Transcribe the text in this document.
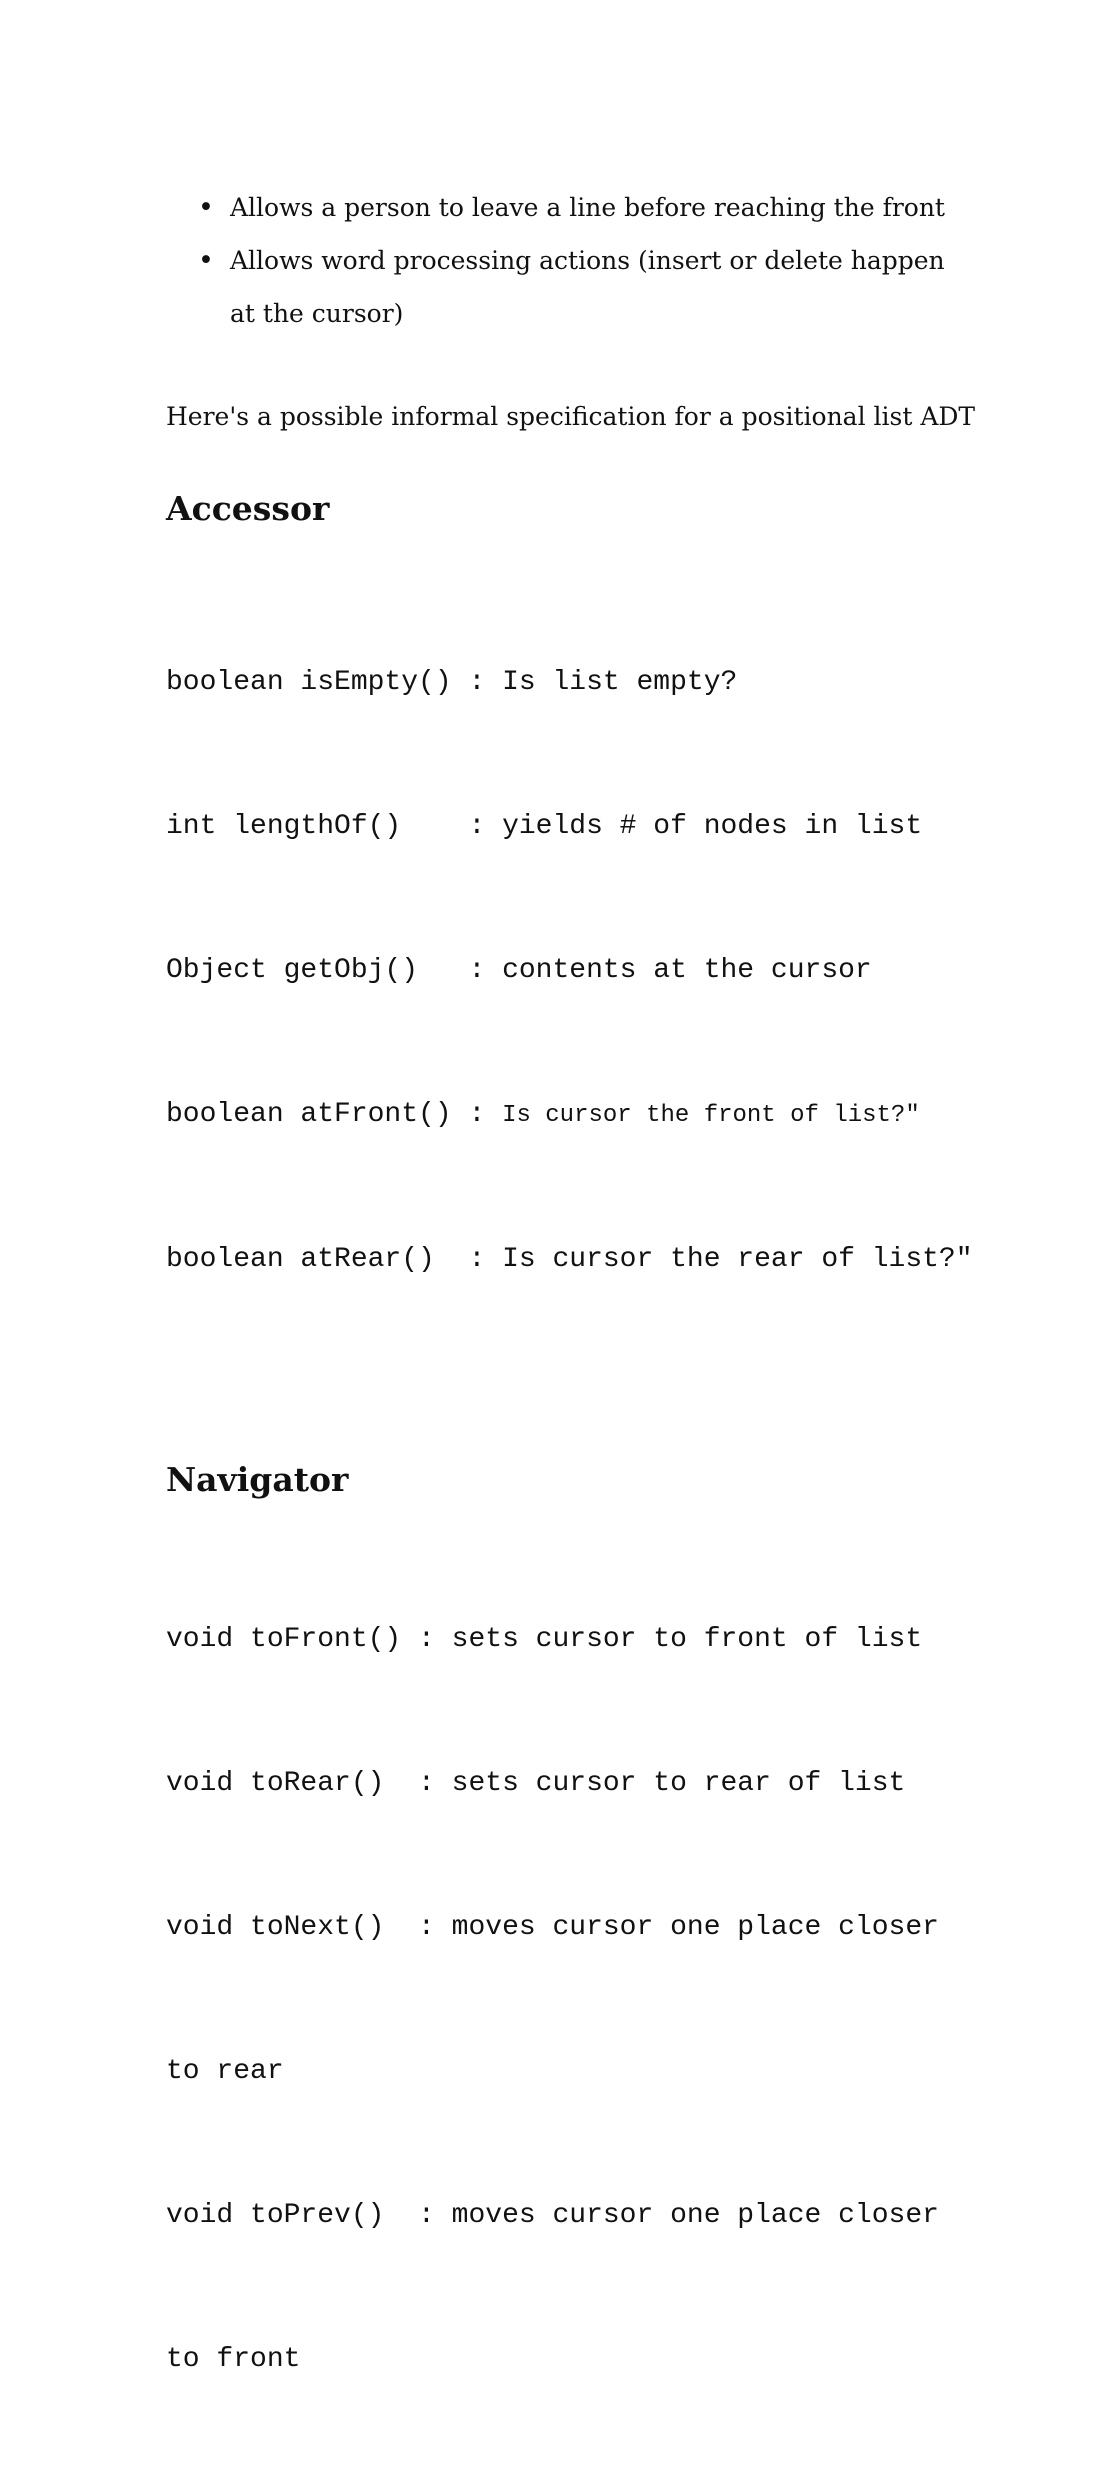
• Allows a person to leave a line before reaching the front
• Allows word processing actions (insert or delete happen
at the cursor)

Here's a possible informal specification for a positional list ADT

Accessor

boolean isEmpty() : Is list empty?

int lengthOf()    : yields # of nodes in list

Object getObj()   : contents at the cursor

boolean atFront() : Is cursor the front of list?"

boolean atRear()  : Is cursor the rear of list?"

Navigator

void toFront() : sets cursor to front of list

void toRear()  : sets cursor to rear of list

void toNext()  : moves cursor one place closer

to rear

void toPrev()  : moves cursor one place closer

to front
